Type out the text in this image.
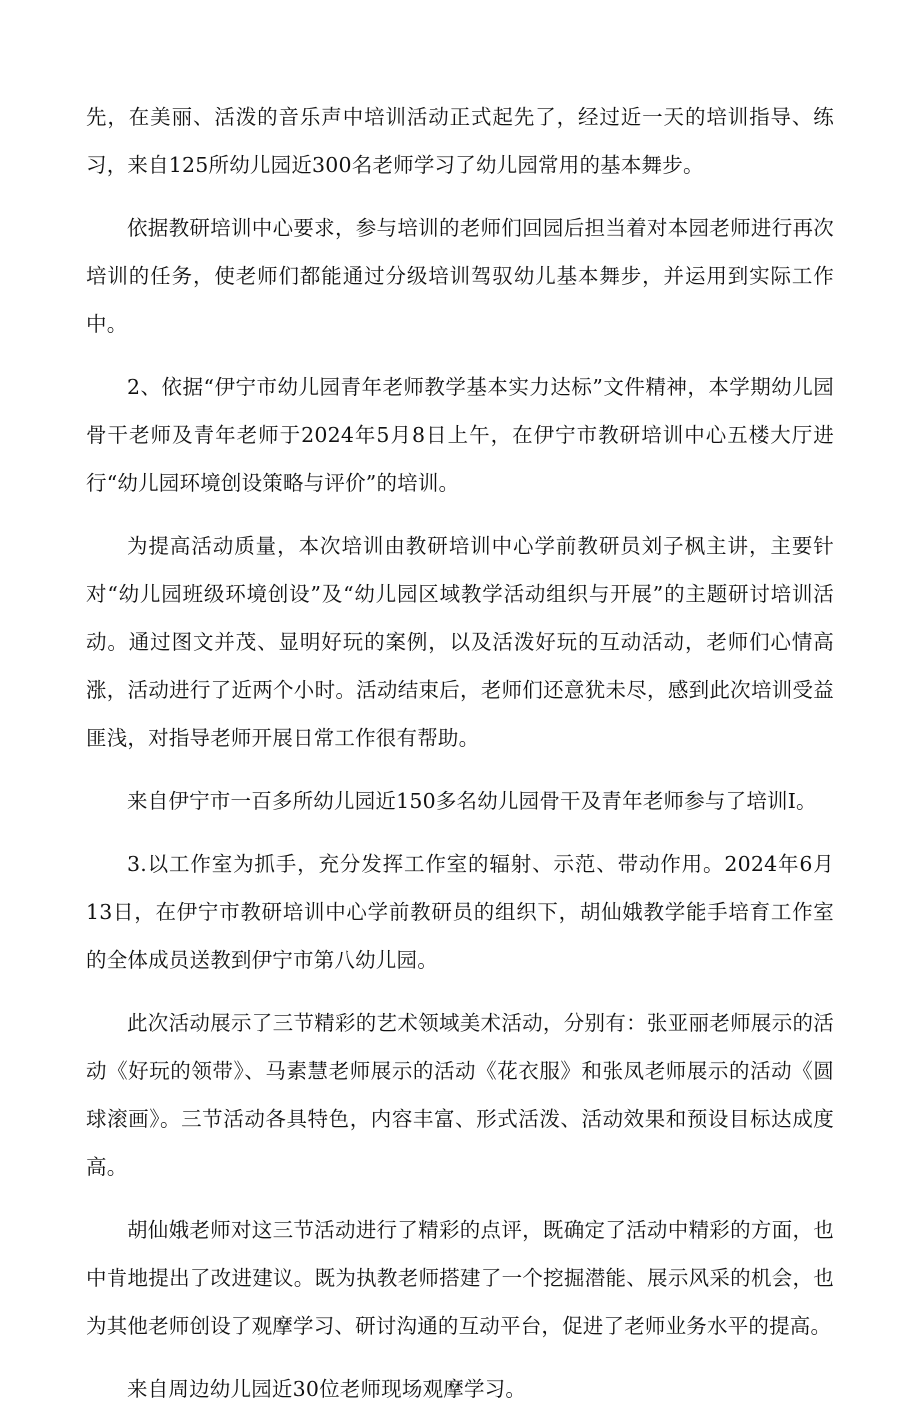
先，在美丽、活泼的音乐声中培训活动正式起先了，经过近一天的培训指导、练习，来自125所幼儿园近300名老师学习了幼儿园常用的基本舞步。

依据教研培训中心要求，参与培训的老师们回园后担当着对本园老师进行再次培训的任务，使老师们都能通过分级培训驾驭幼儿基本舞步，并运用到实际工作中。

2、依据“伊宁市幼儿园青年老师教学基本实力达标”文件精神，本学期幼儿园骨干老师及青年老师于2024年5月8日上午，在伊宁市教研培训中心五楼大厅进行“幼儿园环境创设策略与评价”的培训。

为提高活动质量，本次培训由教研培训中心学前教研员刘子枫主讲，主要针对“幼儿园班级环境创设”及“幼儿园区域教学活动组织与开展”的主题研讨培训活动。通过图文并茂、显明好玩的案例，以及活泼好玩的互动活动，老师们心情高涨，活动进行了近两个小时。活动结束后，老师们还意犹未尽，感到此次培训受益匪浅，对指导老师开展日常工作很有帮助。

来自伊宁市一百多所幼儿园近150多名幼儿园骨干及青年老师参与了培训I。

3.以工作室为抓手，充分发挥工作室的辐射、示范、带动作用。2024年6月13日，在伊宁市教研培训中心学前教研员的组织下，胡仙娥教学能手培育工作室的全体成员送教到伊宁市第八幼儿园。

此次活动展示了三节精彩的艺术领域美术活动，分别有：张亚丽老师展示的活动《好玩的领带》、马素慧老师展示的活动《花衣服》和张凤老师展示的活动《圆球滚画》。三节活动各具特色，内容丰富、形式活泼、活动效果和预设目标达成度高。

胡仙娥老师对这三节活动进行了精彩的点评，既确定了活动中精彩的方面，也中肯地提出了改进建议。既为执教老师搭建了一个挖掘潜能、展示风采的机会，也为其他老师创设了观摩学习、研讨沟通的互动平台，促进了老师业务水平的提高。

来自周边幼儿园近30位老师现场观摩学习。
